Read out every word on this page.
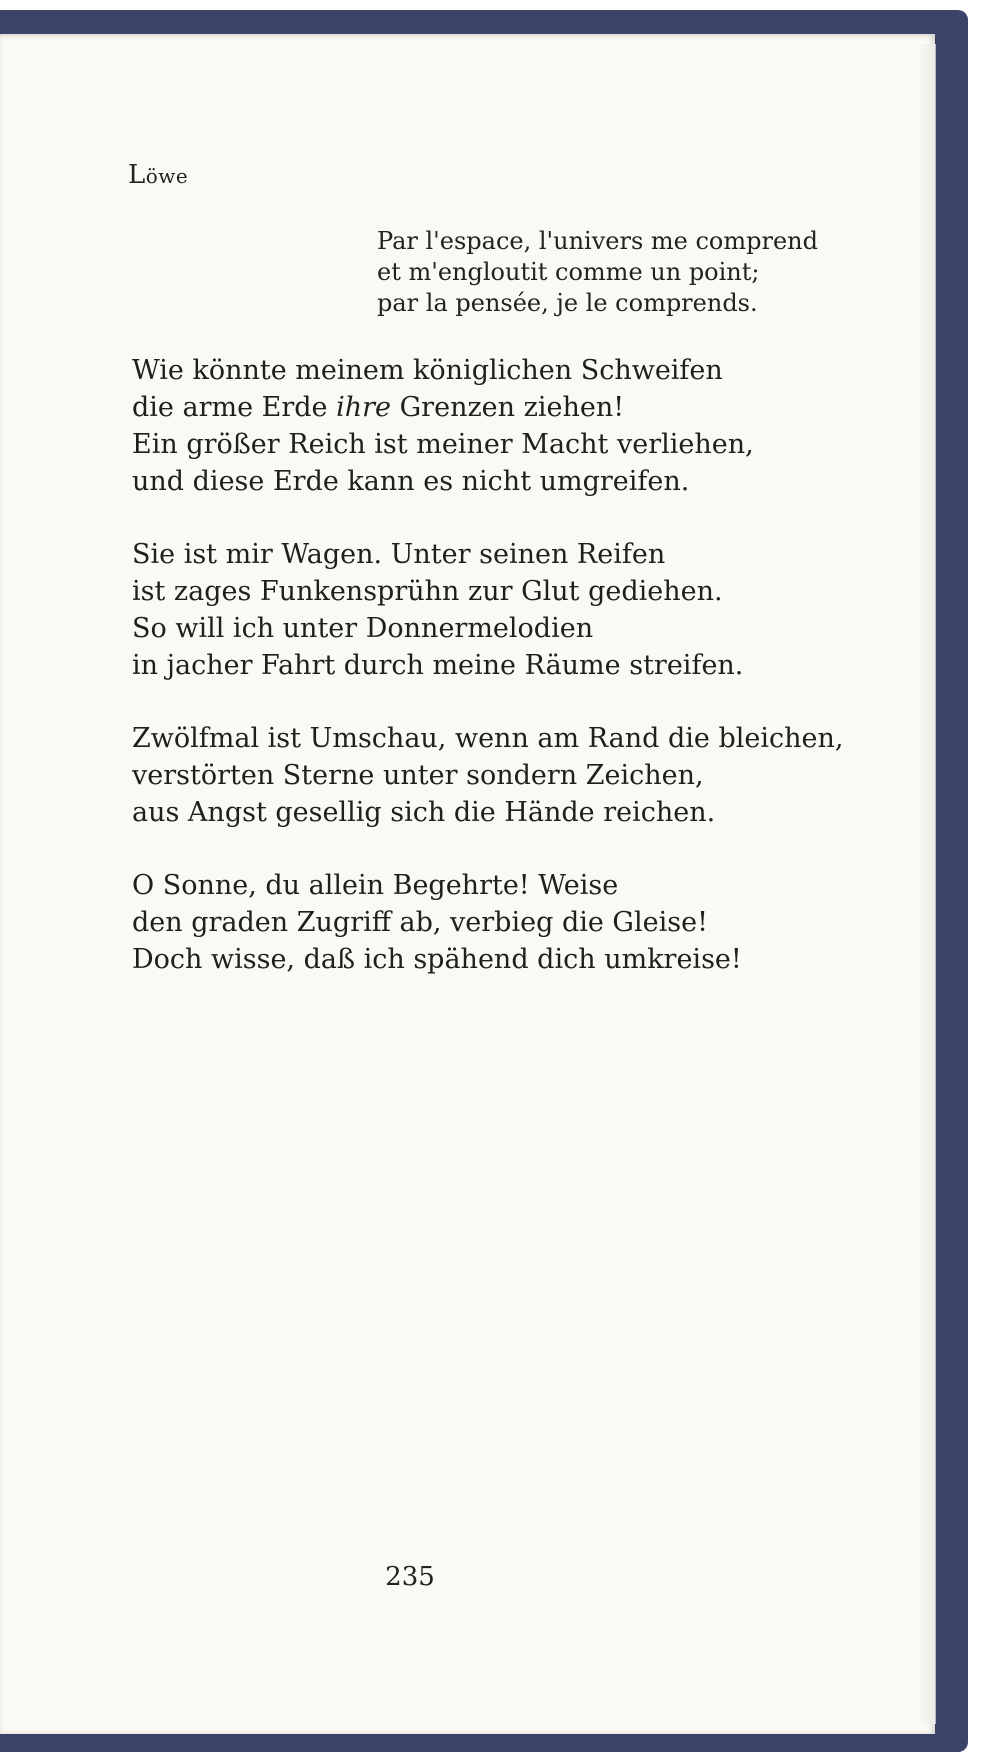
Löwe
Par l'espace, l'univers me comprend
et m'engloutit comme un point;
par la pensée, je le comprends.
Wie könnte meinem königlichen Schweifen
die arme Erde ihre Grenzen ziehen!
Ein größer Reich ist meiner Macht verliehen,
und diese Erde kann es nicht umgreifen.
Sie ist mir Wagen. Unter seinen Reifen
ist zages Funkensprühn zur Glut gediehen.
So will ich unter Donnermelodien
in jacher Fahrt durch meine Räume streifen.
Zwölfmal ist Umschau, wenn am Rand die bleichen,
verstörten Sterne unter sondern Zeichen,
aus Angst gesellig sich die Hände reichen.
O Sonne, du allein Begehrte! Weise
den graden Zugriff ab, verbieg die Gleise!
Doch wisse, daß ich spähend dich umkreise!
235
